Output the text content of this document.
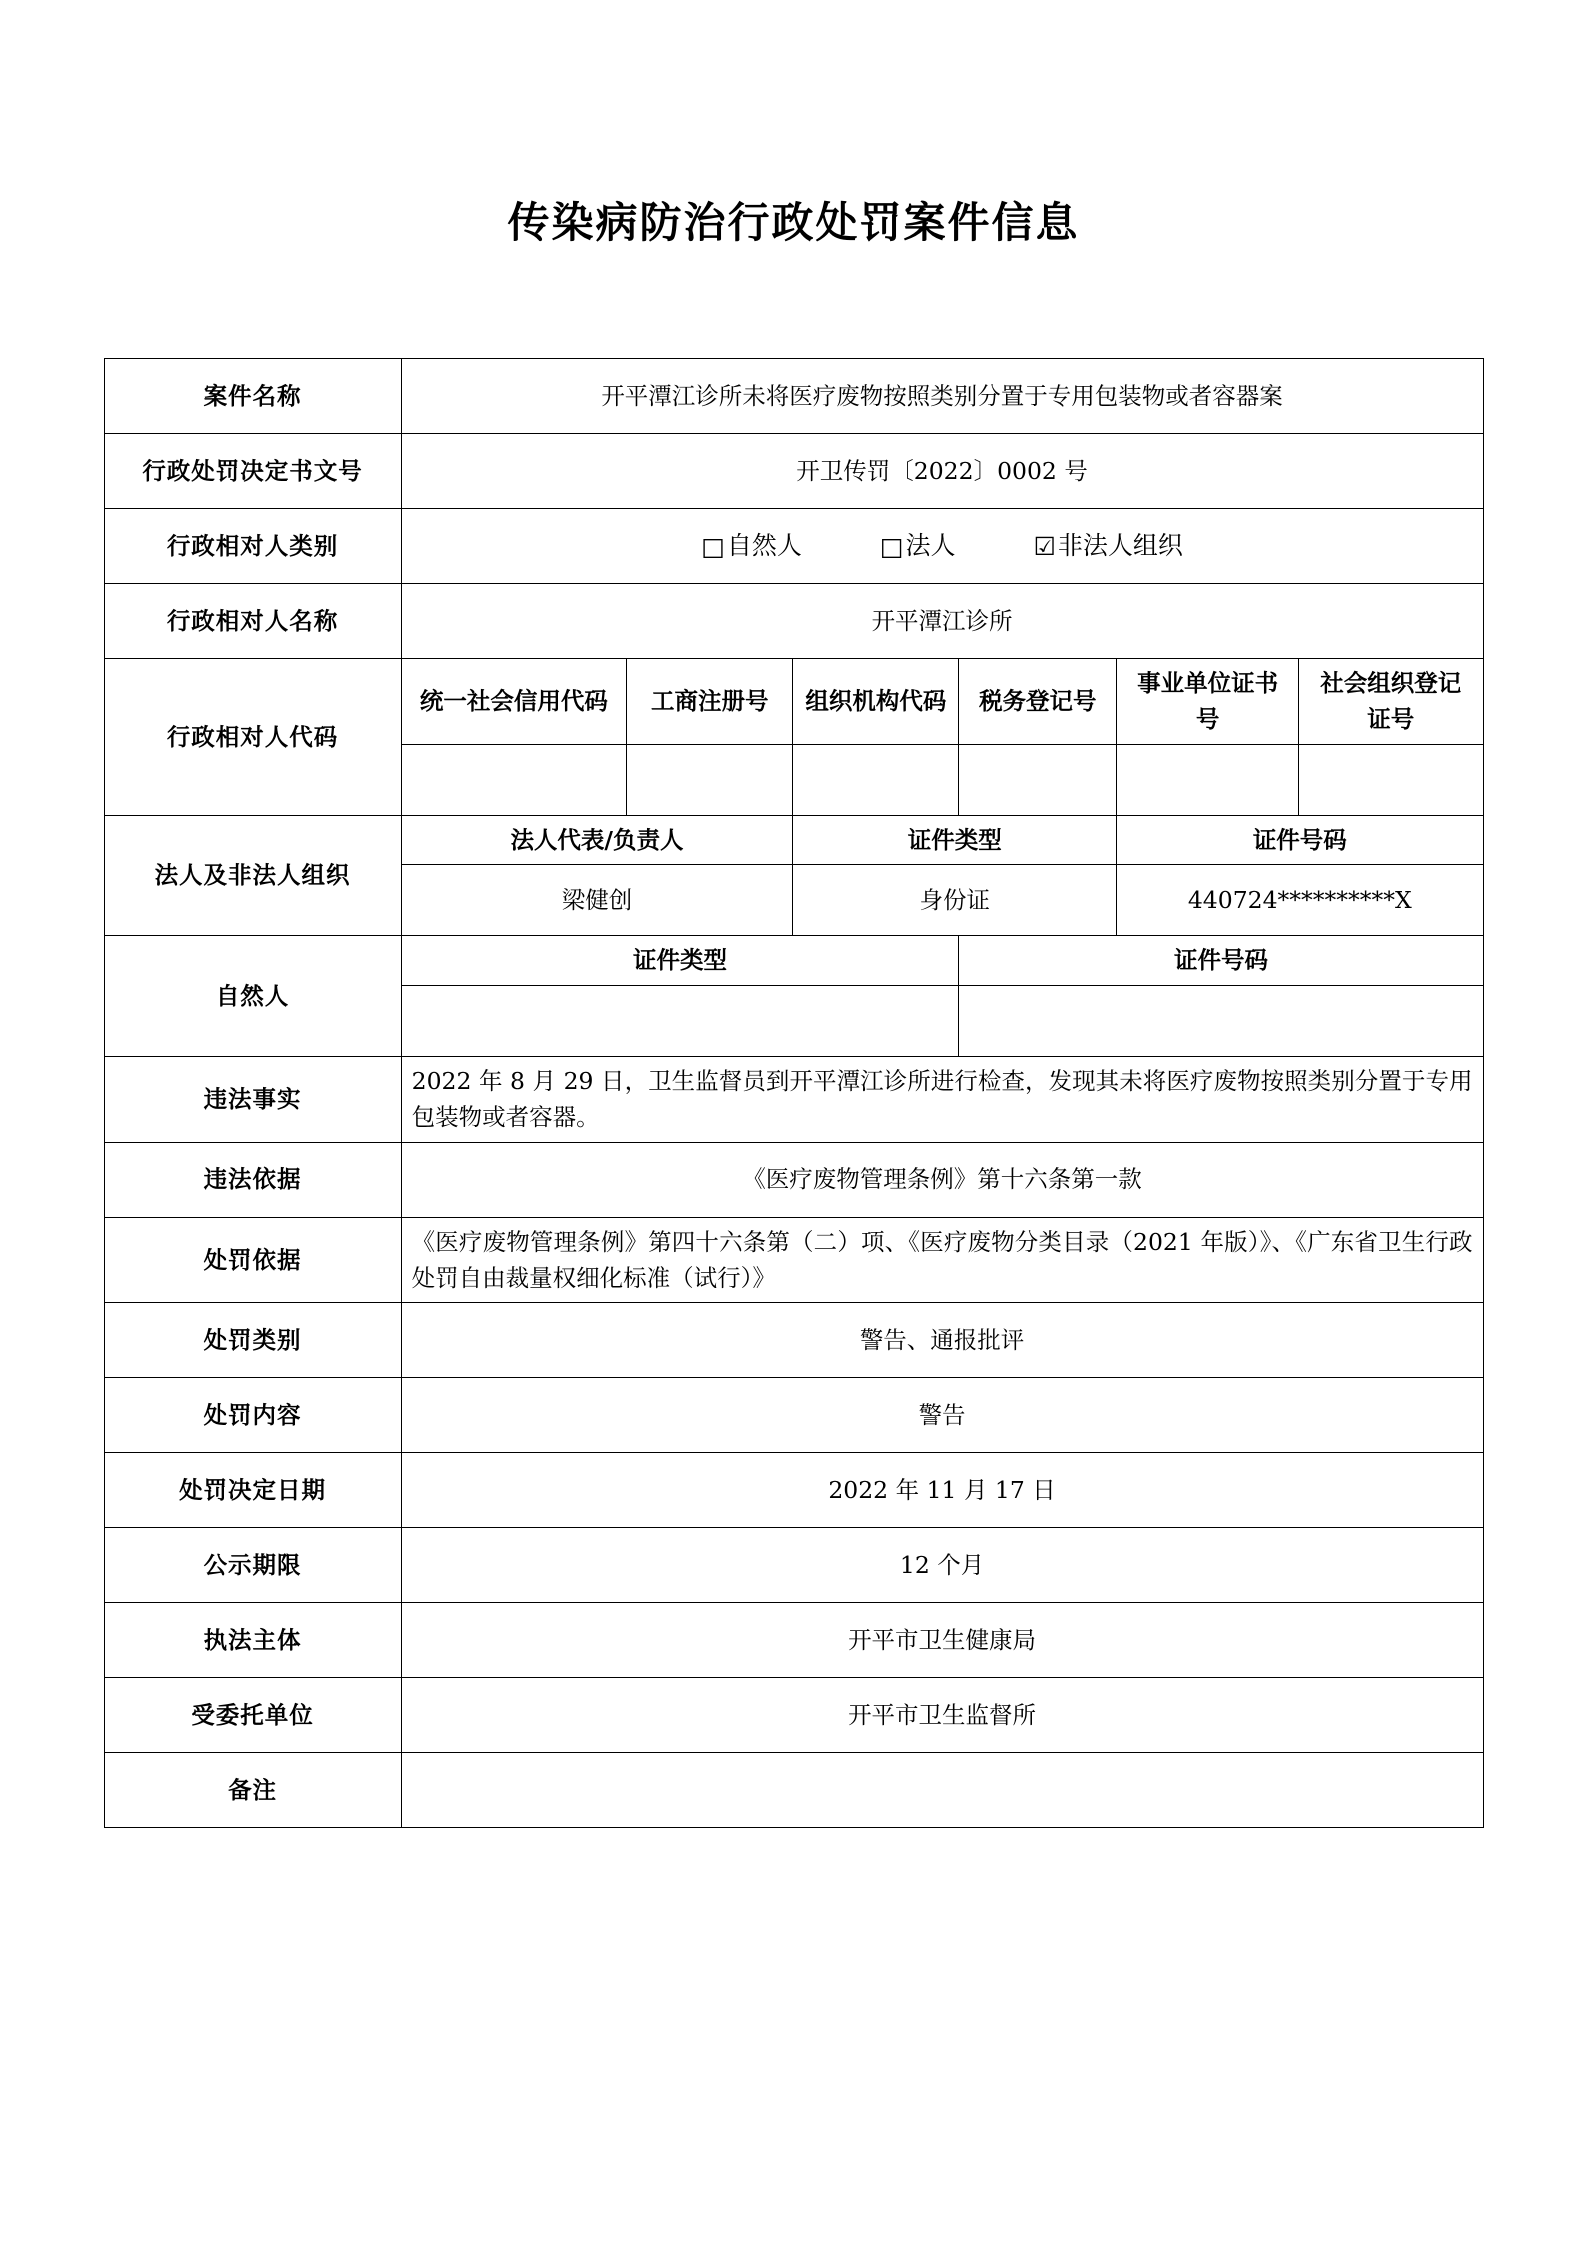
传染病防治行政处罚案件信息
案件名称	开平潭江诊所未将医疗废物按照类别分置于专用包装物或者容器案					
行政处罚决定书文号	开卫传罚〔2022〕0002 号					
行政相对人类别	□ 自然人	□ 法人	☑ 非法人组织

行政相对人名称	开平潭江诊所					
行政相对人代码	统一社会信用代码	工商注册号	组织机构代码	税务登记号	事业单位证书号	社会组织登记证号

法人及非法人组织	法人代表/负责人		证件类型		证件号码	
	梁健创		身份证		440724**********X	
自然人	证件类型			证件号码		

违法事实	2022 年 8 月 29 日，卫生监督员到开平潭江诊所进行检查，发现其未将医疗废物按照类别分置于专用包装物或者容器。					
违法依据	《医疗废物管理条例》第十六条第一款					
处罚依据	《医疗废物管理条例》第四十六条第（二）项、《医疗废物分类目录（2021 年版）》、《广东省卫生行政处罚自由裁量权细化标准（试行）》					
处罚类别	警告、通报批评					
处罚内容	警告					
处罚决定日期	2022 年 11 月 17 日					
公示期限	12 个月					
执法主体	开平市卫生健康局					
受委托单位	开平市卫生监督所					
备注						
